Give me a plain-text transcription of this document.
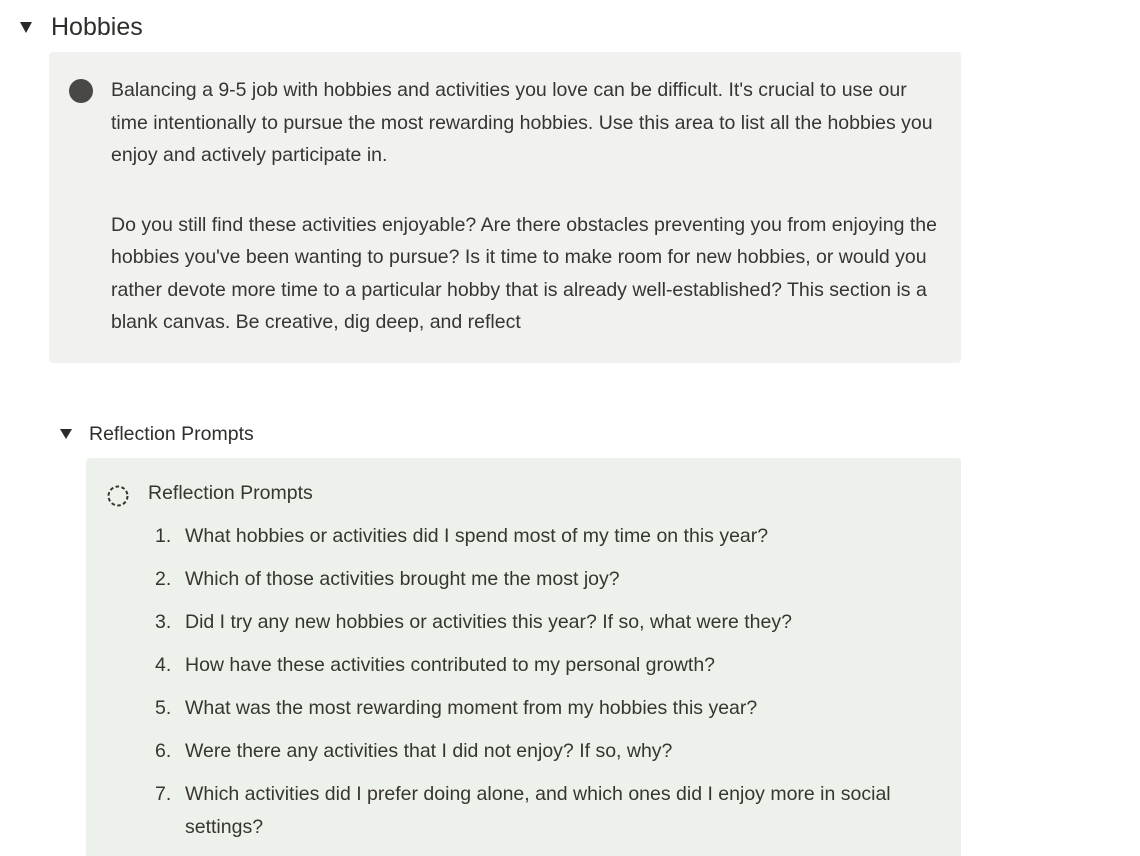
Hobbies

Balancing a 9-5 job with hobbies and activities you love can be difficult. It's crucial to use our time intentionally to pursue the most rewarding hobbies. Use this area to list all the hobbies you enjoy and actively participate in.

Do you still find these activities enjoyable? Are there obstacles preventing you from enjoying the hobbies you've been wanting to pursue? Is it time to make room for new hobbies, or would you rather devote more time to a particular hobby that is already well-established? This section is a blank canvas. Be creative, dig deep, and reflect

Reflection Prompts
Reflection Prompts
1. What hobbies or activities did I spend most of my time on this year?
2. Which of those activities brought me the most joy?
3. Did I try any new hobbies or activities this year? If so, what were they?
4. How have these activities contributed to my personal growth?
5. What was the most rewarding moment from my hobbies this year?
6. Were there any activities that I did not enjoy? If so, why?
7. Which activities did I prefer doing alone, and which ones did I enjoy more in social settings?
